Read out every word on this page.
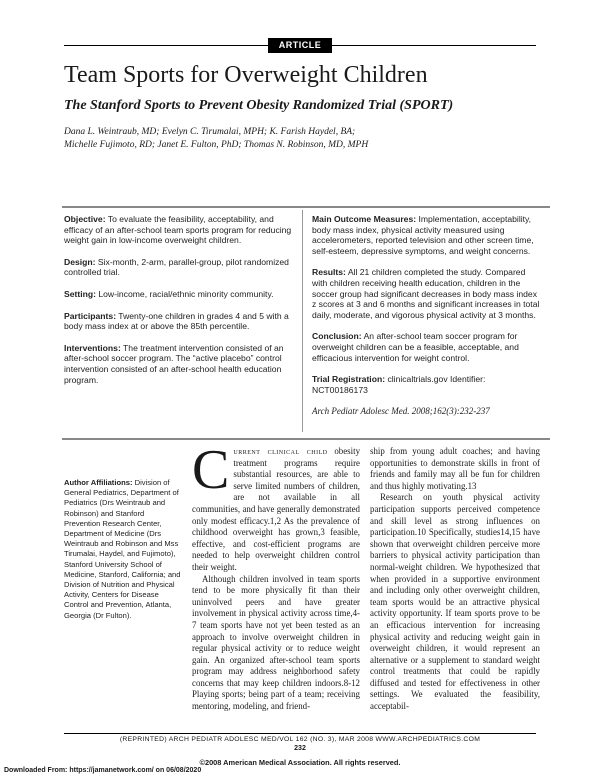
ARTICLE
Team Sports for Overweight Children
The Stanford Sports to Prevent Obesity Randomized Trial (SPORT)
Dana L. Weintraub, MD; Evelyn C. Tirumalai, MPH; K. Farish Haydel, BA;
Michelle Fujimoto, RD; Janet E. Fulton, PhD; Thomas N. Robinson, MD, MPH

Objective: To evaluate the feasibility, acceptability, and efficacy of an after-school team sports program for reducing weight gain in low-income overweight children.

Design: Six-month, 2-arm, parallel-group, pilot randomized controlled trial.

Setting: Low-income, racial/ethnic minority community.

Participants: Twenty-one children in grades 4 and 5 with a body mass index at or above the 85th percentile.

Interventions: The treatment intervention consisted of an after-school soccer program. The “active placebo” control intervention consisted of an after-school health education program.

Main Outcome Measures: Implementation, acceptability, body mass index, physical activity measured using accelerometers, reported television and other screen time, self-esteem, depressive symptoms, and weight concerns.

Results: All 21 children completed the study. Compared with children receiving health education, children in the soccer group had significant decreases in body mass index z scores at 3 and 6 months and significant increases in total daily, moderate, and vigorous physical activity at 3 months.

Conclusion: An after-school team soccer program for overweight children can be a feasible, acceptable, and efficacious intervention for weight control.

Trial Registration: clinicaltrials.gov Identifier: NCT00186173

Arch Pediatr Adolesc Med. 2008;162(3):232-237

Author Affiliations: Division of General Pediatrics, Department of Pediatrics (Drs Weintraub and Robinson) and Stanford Prevention Research Center, Department of Medicine (Drs Weintraub and Robinson and Mss Tirumalai, Haydel, and Fujimoto), Stanford University School of Medicine, Stanford, California; and Division of Nutrition and Physical Activity, Centers for Disease Control and Prevention, Atlanta, Georgia (Dr Fulton).

Current clinical child obesity treatment programs require substantial resources, are able to serve limited numbers of children, are not available in all communities, and have generally demonstrated only modest efficacy.1,2 As the prevalence of childhood overweight has grown,3 feasible, effective, and cost-efficient programs are needed to help overweight children control their weight.

Although children involved in team sports tend to be more physically fit than their uninvolved peers and have greater involvement in physical activity across time,4-7 team sports have not yet been tested as an approach to involve overweight children in regular physical activity or to reduce weight gain. An organized after-school team sports program may address neighborhood safety concerns that may keep children indoors.8-12 Playing sports; being part of a team; receiving mentoring, modeling, and friend-

ship from young adult coaches; and having opportunities to demonstrate skills in front of friends and family may all be fun for children and thus highly motivating.13

Research on youth physical activity participation supports perceived competence and skill level as strong influences on participation.10 Specifically, studies14,15 have shown that overweight children perceive more barriers to physical activity participation than normal-weight children. We hypothesized that when provided in a supportive environment and including only other overweight children, team sports would be an attractive physical activity opportunity. If team sports prove to be an efficacious intervention for increasing physical activity and reducing weight gain in overweight children, it would represent an alternative or a supplement to standard weight control treatments that could be rapidly diffused and tested for effectiveness in other settings. We evaluated the feasibility, acceptabil-

(REPRINTED) ARCH PEDIATR ADOLESC MED/VOL 162 (NO. 3), MAR 2008 WWW.ARCHPEDIATRICS.COM
232
©2008 American Medical Association. All rights reserved.
Downloaded From: https://jamanetwork.com/ on 06/08/2020
